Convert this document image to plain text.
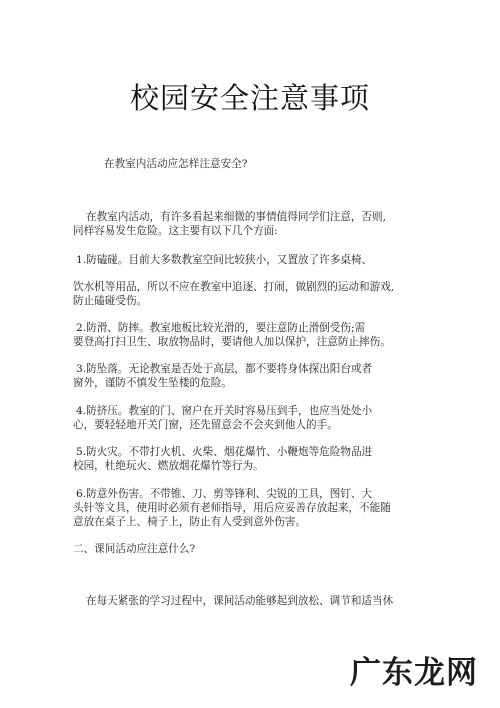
校园安全注意事项
在教室内活动应怎样注意安全?
在教室内活动，有许多看起来细微的事情值得同学们注意，否则,
同样容易发生危险。这主要有以下几个方面:
1.防磕碰。目前大多数教室空间比较狭小，又置放了许多桌椅、
饮水机等用品，所以不应在教室中追逐、打闹，做剧烈的运动和游戏,
防止磕碰受伤。
2.防滑、防摔。教室地板比较光滑的，要注意防止滑倒受伤;需
要登高打扫卫生、取放物品时，要请他人加以保护，注意防止摔伤。
3.防坠落。无论教室是否处于高层，都不要将身体探出阳台或者
窗外，谨防不慎发生坠楼的危险。
4.防挤压。教室的门、窗户在开关时容易压到手，也应当处处小
心，要轻轻地开关门窗，还先留意会不会夹到他人的手。
5.防火灾。不带打火机、火柴、烟花爆竹、小鞭炮等危险物品进
校园，杜绝玩火、燃放烟花爆竹等行为。
6.防意外伤害。不带锥、刀、剪等锋利、尖锐的工具，图钉、大
头针等文具，使用时必须有老师指导，用后应妥善存放起来，不能随
意放在桌子上、椅子上，防止有人受到意外伤害。
二、课间活动应注意什么?
在每天紧张的学习过程中，课间活动能够起到放松、调节和适当休
广东龙网
